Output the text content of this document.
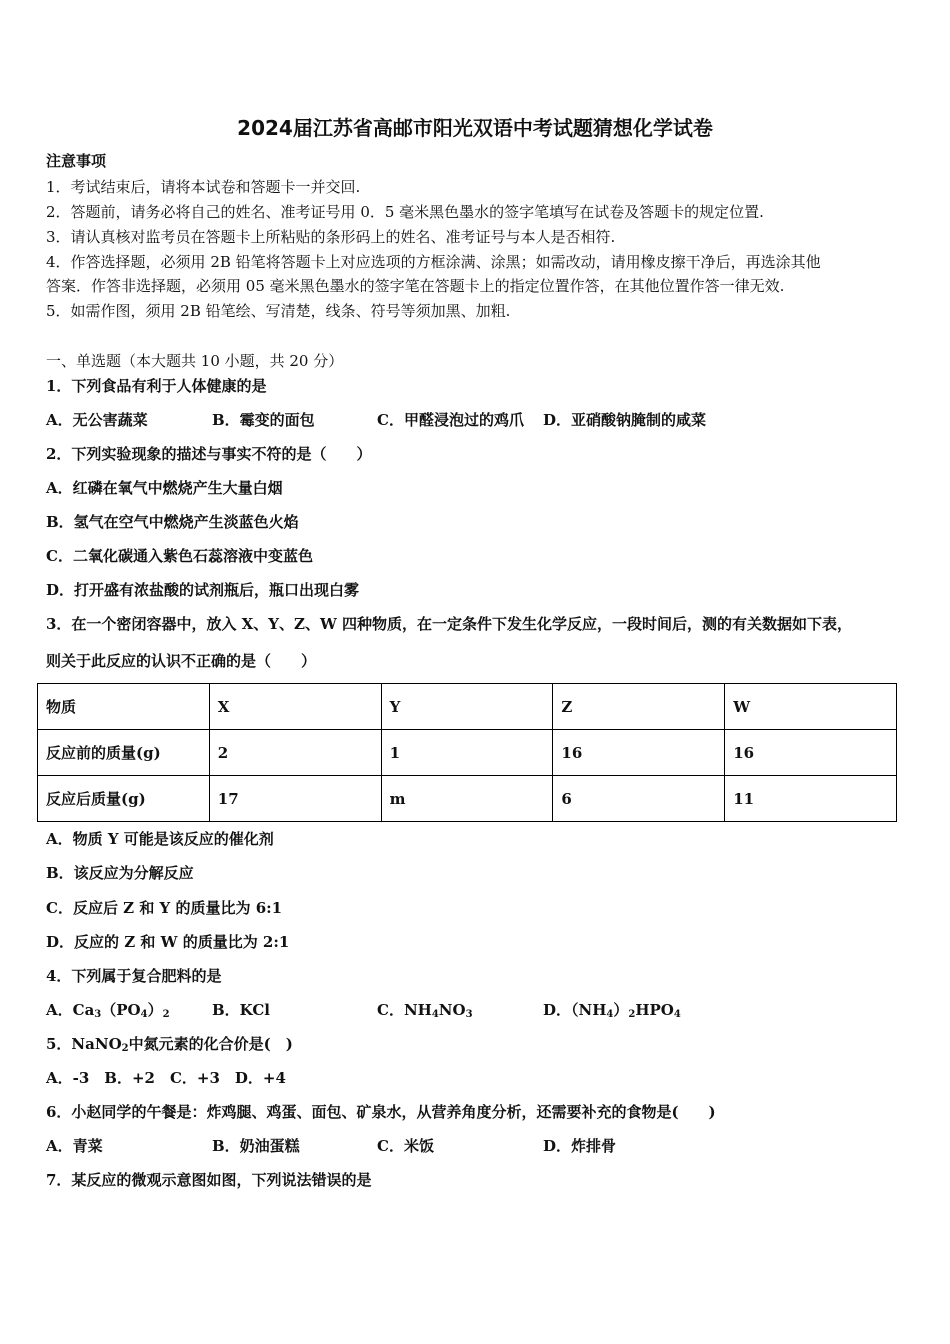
2024届江苏省高邮市阳光双语中考试题猜想化学试卷
注意事项
1．考试结束后，请将本试卷和答题卡一并交回.
2．答题前，请务必将自己的姓名、准考证号用 0．5 毫米黑色墨水的签字笔填写在试卷及答题卡的规定位置.
3．请认真核对监考员在答题卡上所粘贴的条形码上的姓名、准考证号与本人是否相符.
4．作答选择题，必须用 2B 铅笔将答题卡上对应选项的方框涂满、涂黑；如需改动，请用橡皮擦干净后，再选涂其他
答案．作答非选择题，必须用 05 毫米黑色墨水的签字笔在答题卡上的指定位置作答，在其他位置作答一律无效.
5．如需作图，须用 2B 铅笔绘、写清楚，线条、符号等须加黑、加粗.
一、单选题（本大题共 10 小题，共 20 分）
1．下列食品有利于人体健康的是
A．无公害蔬菜	B．霉变的面包	C．甲醛浸泡过的鸡爪 D．亚硝酸钠腌制的咸菜
2．下列实验现象的描述与事实不符的是（　　）
A．红磷在氧气中燃烧产生大量白烟
B．氢气在空气中燃烧产生淡蓝色火焰
C．二氧化碳通入紫色石蕊溶液中变蓝色
D．打开盛有浓盐酸的试剂瓶后，瓶口出现白雾
3．在一个密闭容器中，放入 X、Y、Z、W 四种物质，在一定条件下发生化学反应，一段时间后，测的有关数据如下表，
则关于此反应的认识不正确的是（　　）
物质	X	Y	Z	W
反应前的质量(g)	2	1	16	16
反应后质量(g)	17	m	6	11
A．物质 Y 可能是该反应的催化剂
B．该反应为分解反应
C．反应后 Z 和 Y 的质量比为 6:1
D．反应的 Z 和 W 的质量比为 2:1
4．下列属于复合肥料的是
A．$Ca_3(PO_4)_2$	B．KCl	C．$NH_4NO_3$	D．$(NH_4)_2HPO_4$
5．NaNO$_2$中氮元素的化合价是(　)
A．-3　B．+2　C．+3　D．+4
6．小赵同学的午餐是：炸鸡腿、鸡蛋、面包、矿泉水，从营养角度分析，还需要补充的食物是(　　)
A．青菜	B．奶油蛋糕	C．米饭	D．炸排骨
7．某反应的微观示意图如图，下列说法错误的是
